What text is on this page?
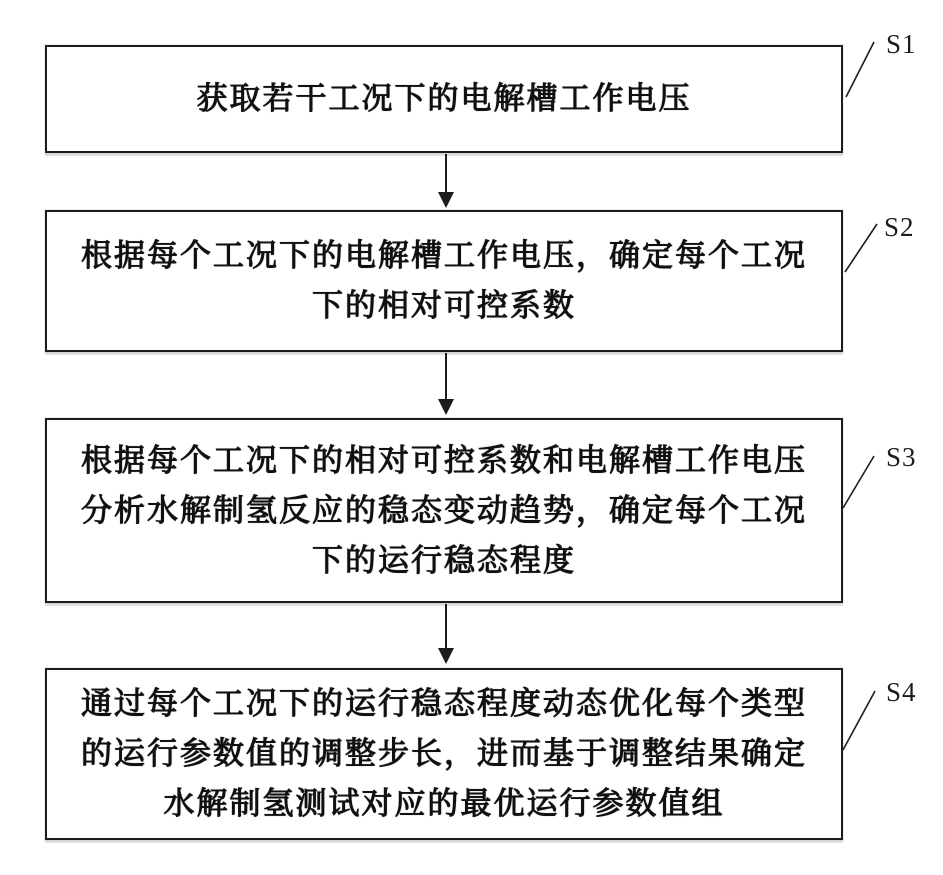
获取若干工况下的电解槽工作电压
S1
根据每个工况下的电解槽工作电压，确定每个工况
下的相对可控系数
S2
根据每个工况下的相对可控系数和电解槽工作电压
分析水解制氢反应的稳态变动趋势，确定每个工况
下的运行稳态程度
S3
通过每个工况下的运行稳态程度动态优化每个类型
的运行参数值的调整步长，进而基于调整结果确定
水解制氢测试对应的最优运行参数值组
S4
